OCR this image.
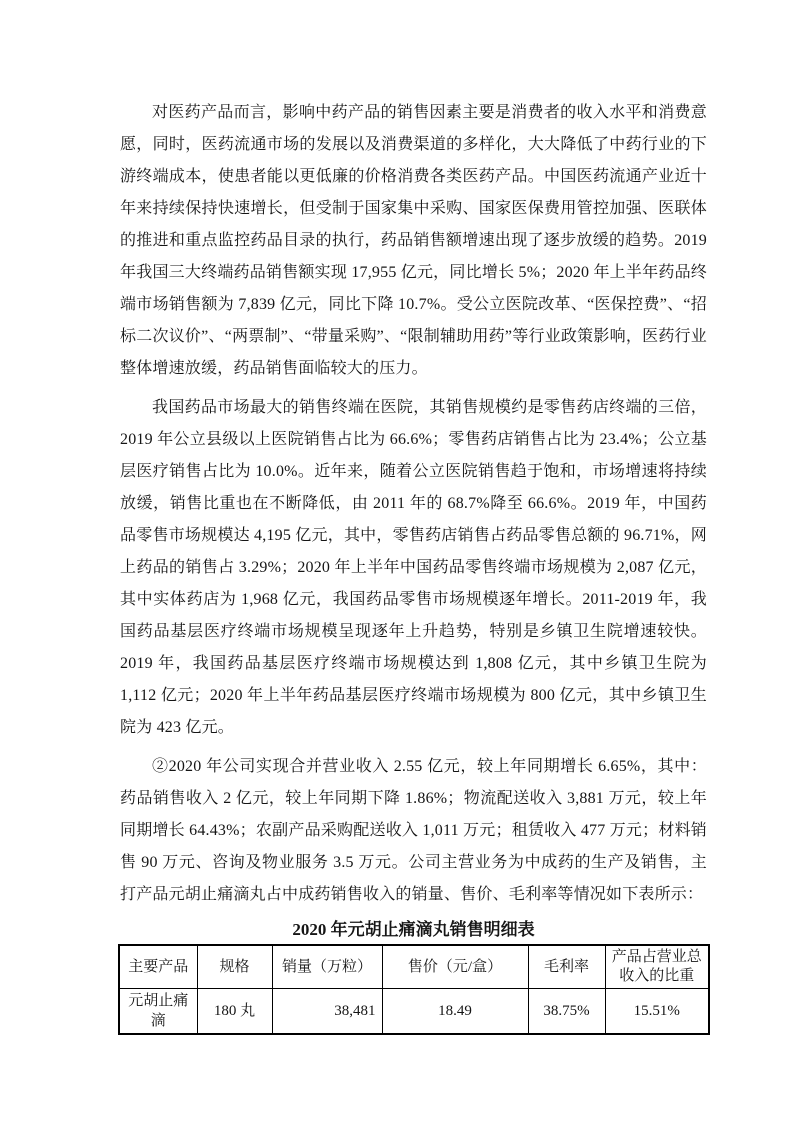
对医药产品而言，影响中药产品的销售因素主要是消费者的收入水平和消费意愿，同时，医药流通市场的发展以及消费渠道的多样化，大大降低了中药行业的下游终端成本，使患者能以更低廉的价格消费各类医药产品。中国医药流通产业近十年来持续保持快速增长，但受制于国家集中采购、国家医保费用管控加强、医联体的推进和重点监控药品目录的执行，药品销售额增速出现了逐步放缓的趋势。2019 年我国三大终端药品销售额实现 17,955 亿元，同比增长 5%；2020 年上半年药品终端市场销售额为 7,839 亿元，同比下降 10.7%。受公立医院改革、“医保控费”、“招标二次议价”、“两票制”、“带量采购”、“限制辅助用药”等行业政策影响，医药行业整体增速放缓，药品销售面临较大的压力。

我国药品市场最大的销售终端在医院，其销售规模约是零售药店终端的三倍，2019 年公立县级以上医院销售占比为 66.6%；零售药店销售占比为 23.4%；公立基层医疗销售占比为 10.0%。近年来，随着公立医院销售趋于饱和，市场增速将持续放缓，销售比重也在不断降低，由 2011 年的 68.7%降至 66.6%。2019 年，中国药品零售市场规模达 4,195 亿元，其中，零售药店销售占药品零售总额的 96.71%，网上药品的销售占 3.29%；2020 年上半年中国药品零售终端市场规模为 2,087 亿元，其中实体药店为 1,968 亿元，我国药品零售市场规模逐年增长。2011-2019 年，我国药品基层医疗终端市场规模呈现逐年上升趋势，特别是乡镇卫生院增速较快。2019 年，我国药品基层医疗终端市场规模达到 1,808 亿元，其中乡镇卫生院为 1,112 亿元；2020 年上半年药品基层医疗终端市场规模为 800 亿元，其中乡镇卫生院为 423 亿元。

②2020 年公司实现合并营业收入 2.55 亿元，较上年同期增长 6.65%，其中：药品销售收入 2 亿元，较上年同期下降 1.86%；物流配送收入 3,881 万元，较上年同期增长 64.43%；农副产品采购配送收入 1,011 万元；租赁收入 477 万元；材料销售 90 万元、咨询及物业服务 3.5 万元。公司主营业务为中成药的生产及销售，主打产品元胡止痛滴丸占中成药销售收入的销量、售价、毛利率等情况如下表所示：

2020 年元胡止痛滴丸销售明细表
主要产品	规格	销量（万粒）	售价（元/盒）	毛利率	产品占营业总收入的比重
元胡止痛滴	180 丸	38,481	18.49	38.75%	15.51%
